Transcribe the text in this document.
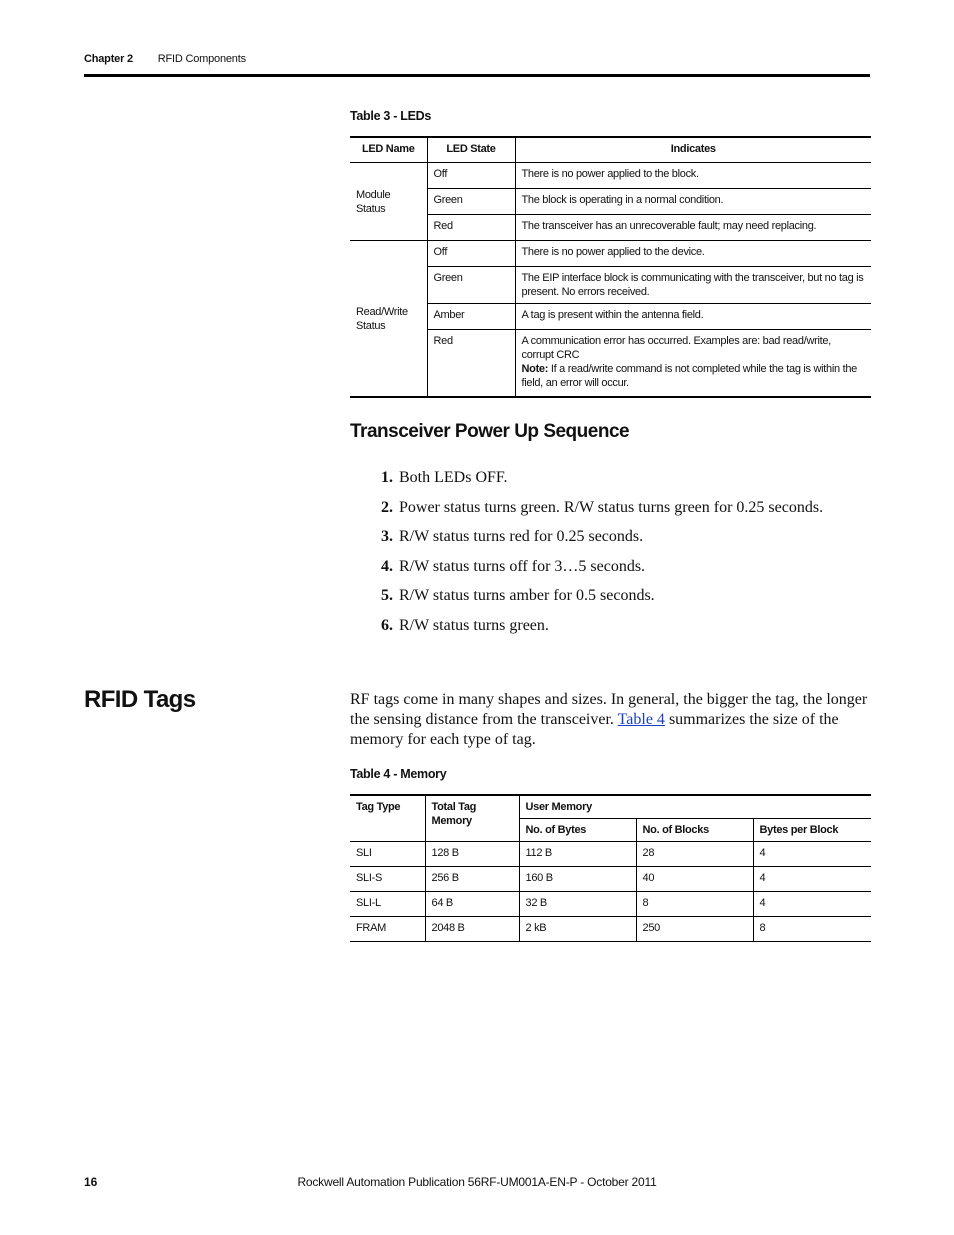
Chapter 2 RFID Components
Table 3 - LEDs
LED Name	LED State	Indicates
Module Status	Off	There is no power applied to the block.
	Green	The block is operating in a normal condition.
	Red	The transceiver has an unrecoverable fault; may need replacing.
Read/Write Status	Off	There is no power applied to the device.
	Green	The EIP interface block is communicating with the transceiver, but no tag is present. No errors received.
	Amber	A tag is present within the antenna field.
	Red	A communication error has occurred. Examples are: bad read/write, corrupt CRC
Note: If a read/write command is not completed while the tag is within the field, an error will occur.
Transceiver Power Up Sequence
1. Both LEDs OFF.
2. Power status turns green. R/W status turns green for 0.25 seconds.
3. R/W status turns red for 0.25 seconds.
4. R/W status turns off for 3…5 seconds.
5. R/W status turns amber for 0.5 seconds.
6. R/W status turns green.
RFID Tags	RF tags come in many shapes and sizes. In general, the bigger the tag, the longer the sensing distance from the transceiver. Table 4 summarizes the size of the memory for each type of tag.

Table 4 - Memory
Tag Type	Total Tag Memory	User Memory		
		No. of Bytes	No. of Blocks	Bytes per Block
SLI	128 B	112 B	28	4
SLI-S	256 B	160 B	40	4
SLI-L	64 B	32 B	8	4
FRAM	2048 B	2 kB	250	8
16	Rockwell Automation Publication 56RF-UM001A-EN-P - October 2011
